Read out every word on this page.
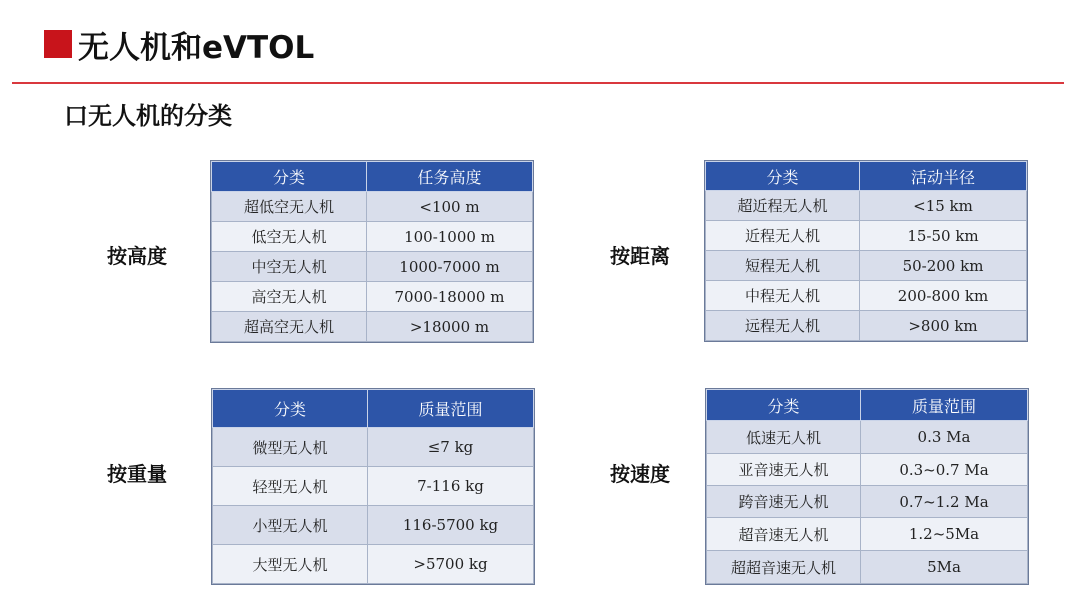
无人机和eVTOL
口无人机的分类
按高度
分类	任务高度
超低空无人机	<100 m
低空无人机	100-1000 m
中空无人机	1000-7000 m
高空无人机	7000-18000 m
超高空无人机	>18000 m
按距离
分类	活动半径
超近程无人机	<15 km
近程无人机	15-50 km
短程无人机	50-200 km
中程无人机	200-800 km
远程无人机	>800 km
按重量
分类	质量范围
微型无人机	≤7 kg
轻型无人机	7-116 kg
小型无人机	116-5700 kg
大型无人机	>5700 kg
按速度
分类	质量范围
低速无人机	0.3 Ma
亚音速无人机	0.3~0.7 Ma
跨音速无人机	0.7~1.2 Ma
超音速无人机	1.2~5Ma
超超音速无人机	5Ma
